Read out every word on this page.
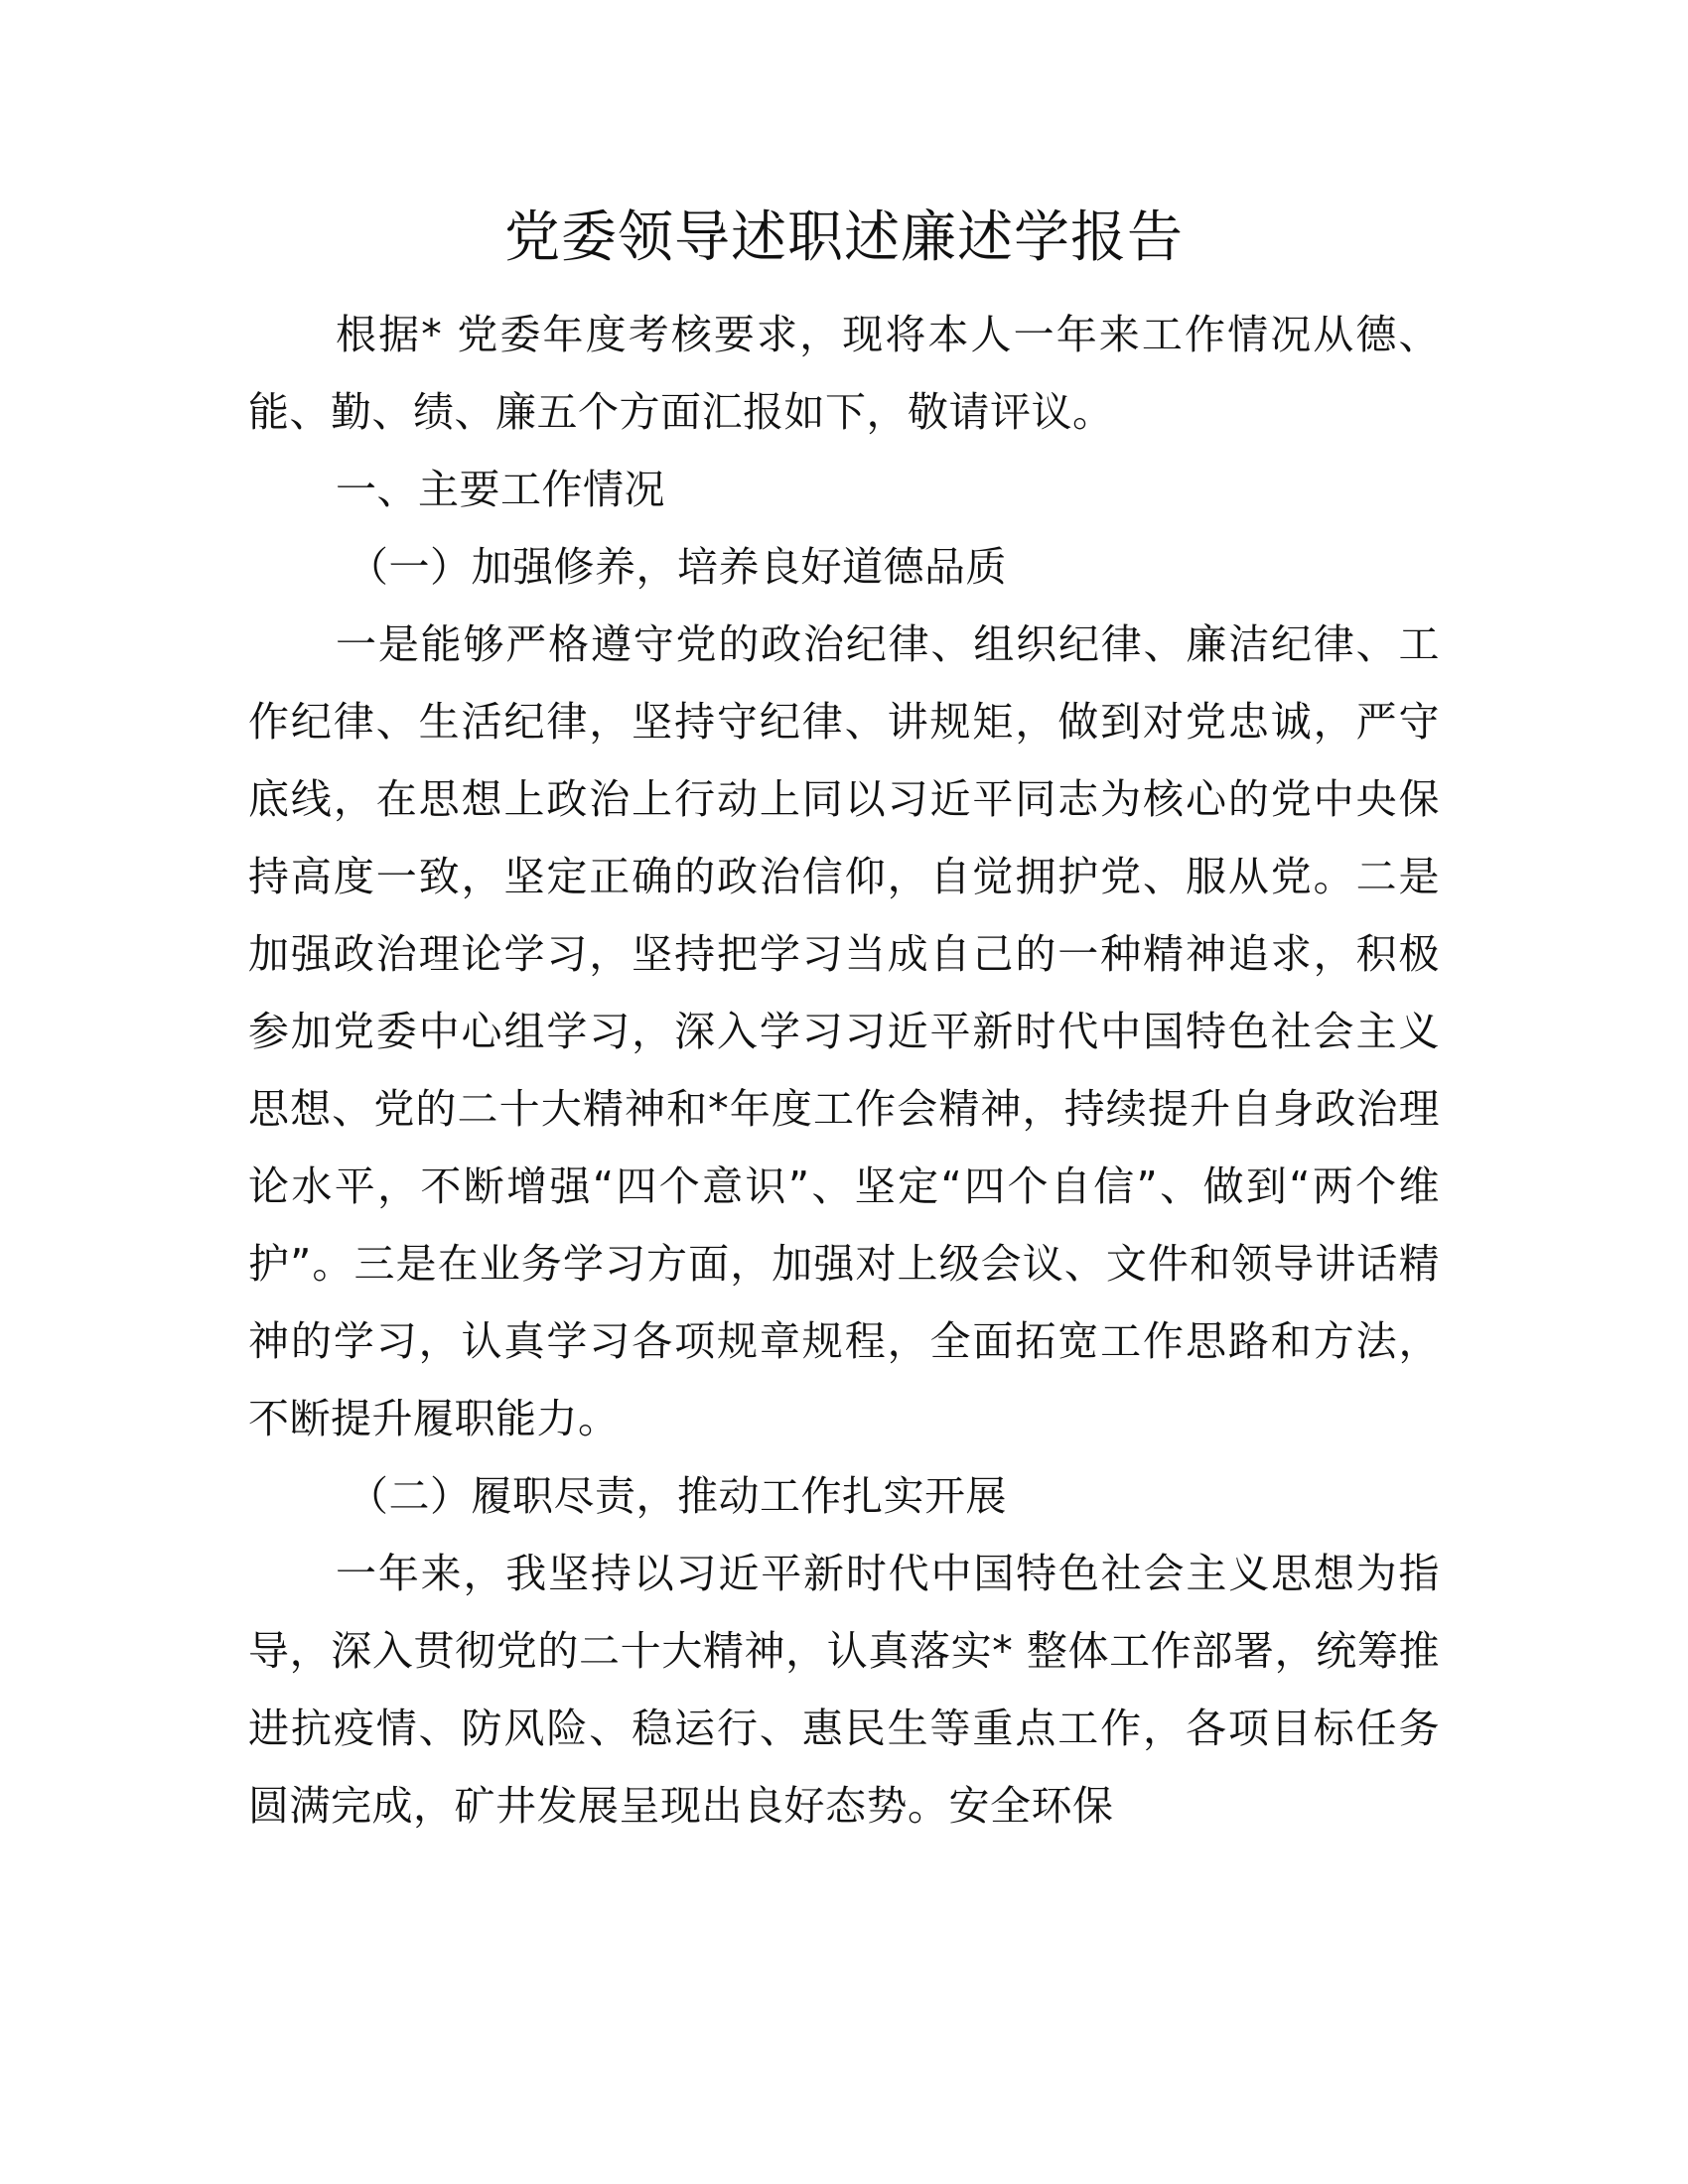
党委领导述职述廉述学报告

根据* 党委年度考核要求，现将本人一年来工作情况从德、能、勤、绩、廉五个方面汇报如下，敬请评议。

一、主要工作情况

（一）加强修养，培养良好道德品质

一是能够严格遵守党的政治纪律、组织纪律、廉洁纪律、工作纪律、生活纪律，坚持守纪律、讲规矩，做到对党忠诚，严守底线，在思想上政治上行动上同以习近平同志为核心的党中央保持高度一致，坚定正确的政治信仰，自觉拥护党、服从党。二是加强政治理论学习，坚持把学习当成自己的一种精神追求，积极参加党委中心组学习，深入学习习近平新时代中国特色社会主义思想、党的二十大精神和*年度工作会精神，持续提升自身政治理论水平，不断增强“四个意识”、坚定“四个自信”、做到“两个维护”。三是在业务学习方面，加强对上级会议、文件和领导讲话精神的学习，认真学习各项规章规程，全面拓宽工作思路和方法，不断提升履职能力。

（二）履职尽责，推动工作扎实开展

一年来，我坚持以习近平新时代中国特色社会主义思想为指导，深入贯彻党的二十大精神，认真落实* 整体工作部署，统筹推进抗疫情、防风险、稳运行、惠民生等重点工作，各项目标任务圆满完成，矿井发展呈现出良好态势。安全环保
